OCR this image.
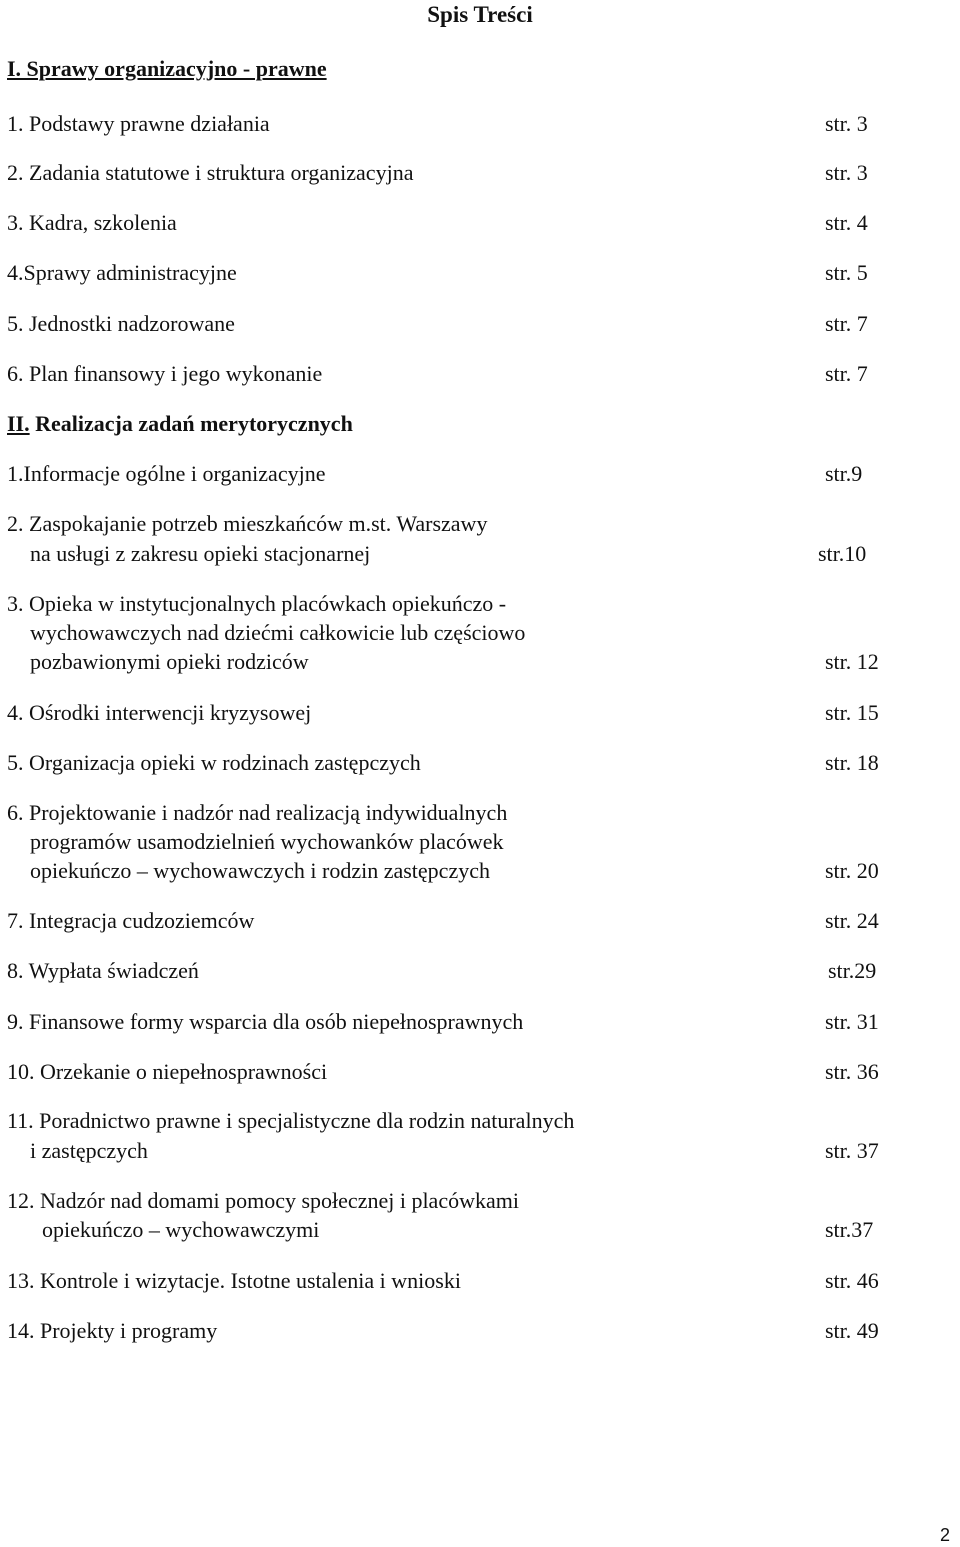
Spis Treści
I. Sprawy organizacyjno - prawne
1. Podstawy prawne działania	str. 3
2. Zadania statutowe i struktura organizacyjna	str. 3
3. Kadra, szkolenia	str. 4
4.Sprawy administracyjne	str. 5
5. Jednostki nadzorowane	str. 7
6. Plan finansowy i jego wykonanie	str. 7
II. Realizacja zadań merytorycznych
1.Informacje ogólne i organizacyjne	str.9
2. Zaspokajanie potrzeb mieszkańców m.st. Warszawy
na usługi z zakresu opieki stacjonarnej	str.10
3. Opieka w instytucjonalnych placówkach opiekuńczo -
wychowawczych nad dziećmi całkowicie lub częściowo
pozbawionymi opieki rodziców	str. 12
4. Ośrodki interwencji kryzysowej	str. 15
5. Organizacja opieki w rodzinach zastępczych	str. 18
6. Projektowanie i nadzór nad realizacją indywidualnych
programów usamodzielnień wychowanków placówek
opiekuńczo – wychowawczych i rodzin zastępczych	str. 20
7. Integracja cudzoziemców	str. 24
8. Wypłata świadczeń	str.29
9. Finansowe formy wsparcia dla osób niepełnosprawnych	str. 31
10. Orzekanie o niepełnosprawności	str. 36
11. Poradnictwo prawne i specjalistyczne dla rodzin naturalnych
i zastępczych	str. 37
12. Nadzór nad domami pomocy społecznej i placówkami
opiekuńczo – wychowawczymi	str.37
13. Kontrole i wizytacje. Istotne ustalenia i wnioski	str. 46
14. Projekty i programy	str. 49
2
